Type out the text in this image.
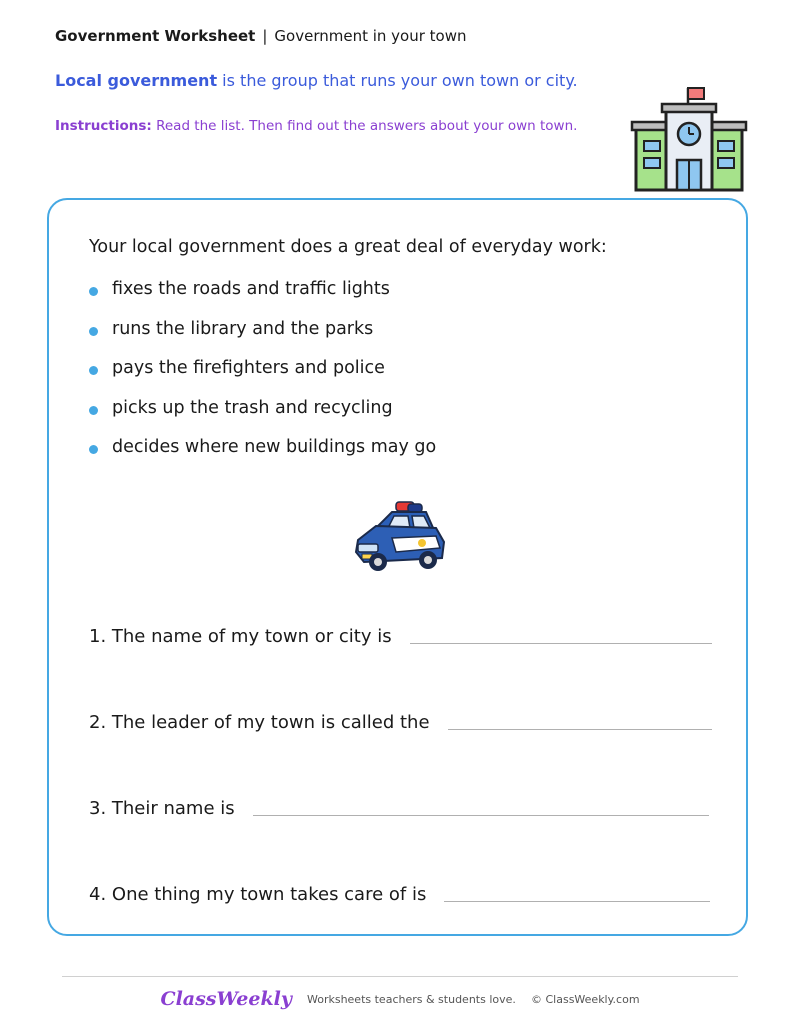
Government Worksheet | Government in your town
Local government is the group that runs your own town or city.
Instructions: Read the list. Then find out the answers about your own town.
Your local government does a great deal of everyday work:
fixes the roads and traffic lights
runs the library and the parks
pays the firefighters and police
picks up the trash and recycling
decides where new buildings may go
1. The name of my town or city is
2. The leader of my town is called the
3. Their name is
4. One thing my town takes care of is
ClassWeekly Worksheets teachers & students love. © ClassWeekly.com
